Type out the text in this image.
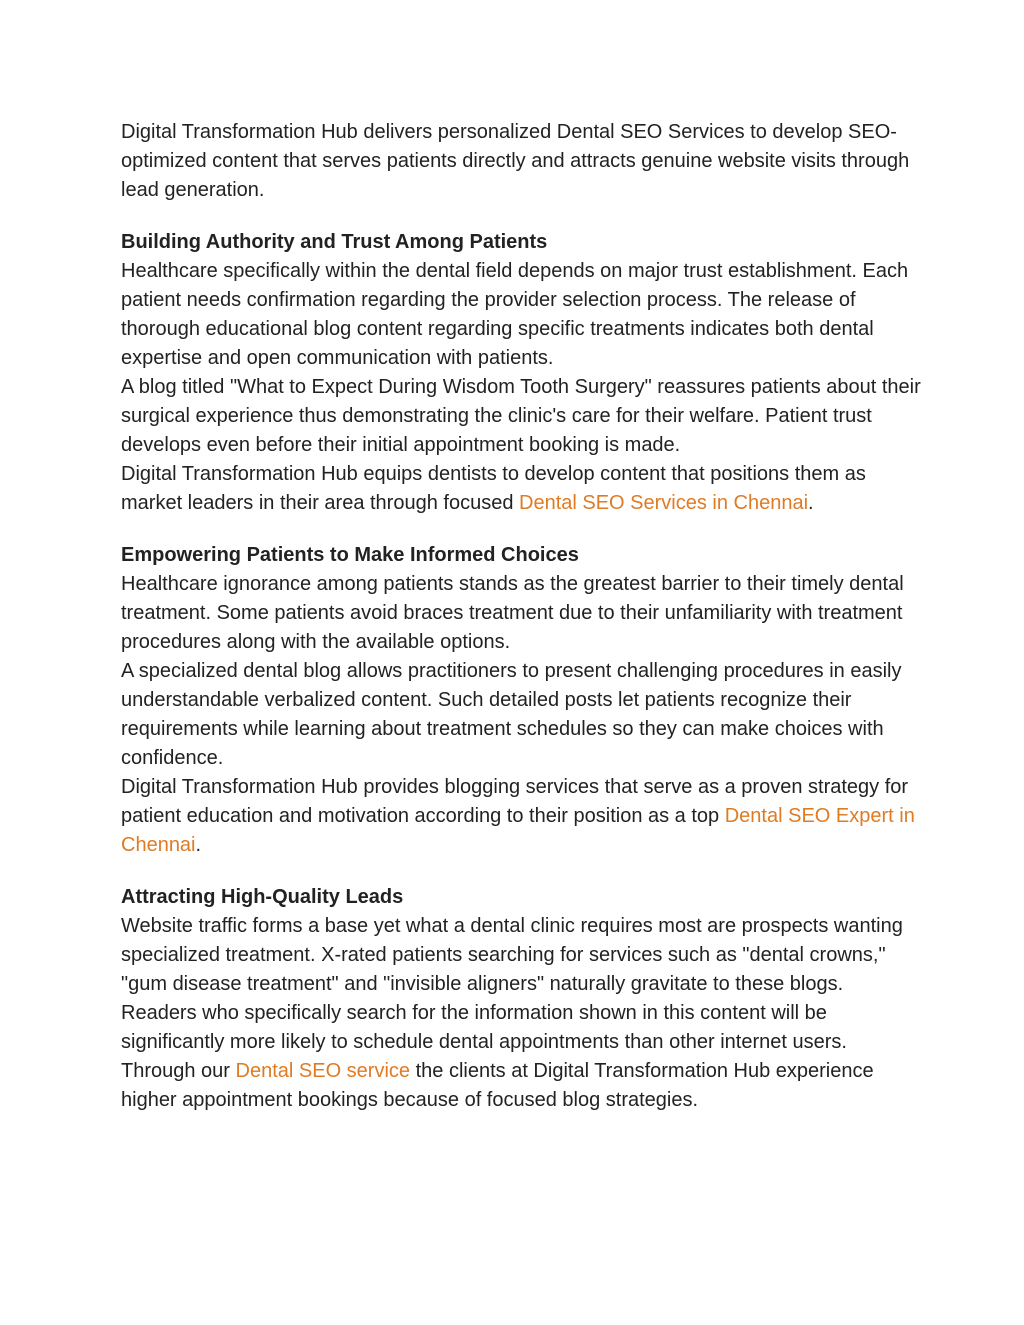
Digital Transformation Hub delivers personalized Dental SEO Services to develop SEO-optimized content that serves patients directly and attracts genuine website visits through lead generation.

Building Authority and Trust Among Patients

Healthcare specifically within the dental field depends on major trust establishment. Each patient needs confirmation regarding the provider selection process. The release of thorough educational blog content regarding specific treatments indicates both dental expertise and open communication with patients.

A blog titled "What to Expect During Wisdom Tooth Surgery" reassures patients about their surgical experience thus demonstrating the clinic's care for their welfare. Patient trust develops even before their initial appointment booking is made.

Digital Transformation Hub equips dentists to develop content that positions them as market leaders in their area through focused Dental SEO Services in Chennai.

Empowering Patients to Make Informed Choices

Healthcare ignorance among patients stands as the greatest barrier to their timely dental treatment. Some patients avoid braces treatment due to their unfamiliarity with treatment procedures along with the available options.

A specialized dental blog allows practitioners to present challenging procedures in easily understandable verbalized content. Such detailed posts let patients recognize their requirements while learning about treatment schedules so they can make choices with confidence.

Digital Transformation Hub provides blogging services that serve as a proven strategy for patient education and motivation according to their position as a top Dental SEO Expert in Chennai.

Attracting High-Quality Leads

Website traffic forms a base yet what a dental clinic requires most are prospects wanting specialized treatment. X-rated patients searching for services such as "dental crowns," "gum disease treatment" and "invisible aligners" naturally gravitate to these blogs.

Readers who specifically search for the information shown in this content will be significantly more likely to schedule dental appointments than other internet users. Through our Dental SEO service the clients at Digital Transformation Hub experience higher appointment bookings because of focused blog strategies.
